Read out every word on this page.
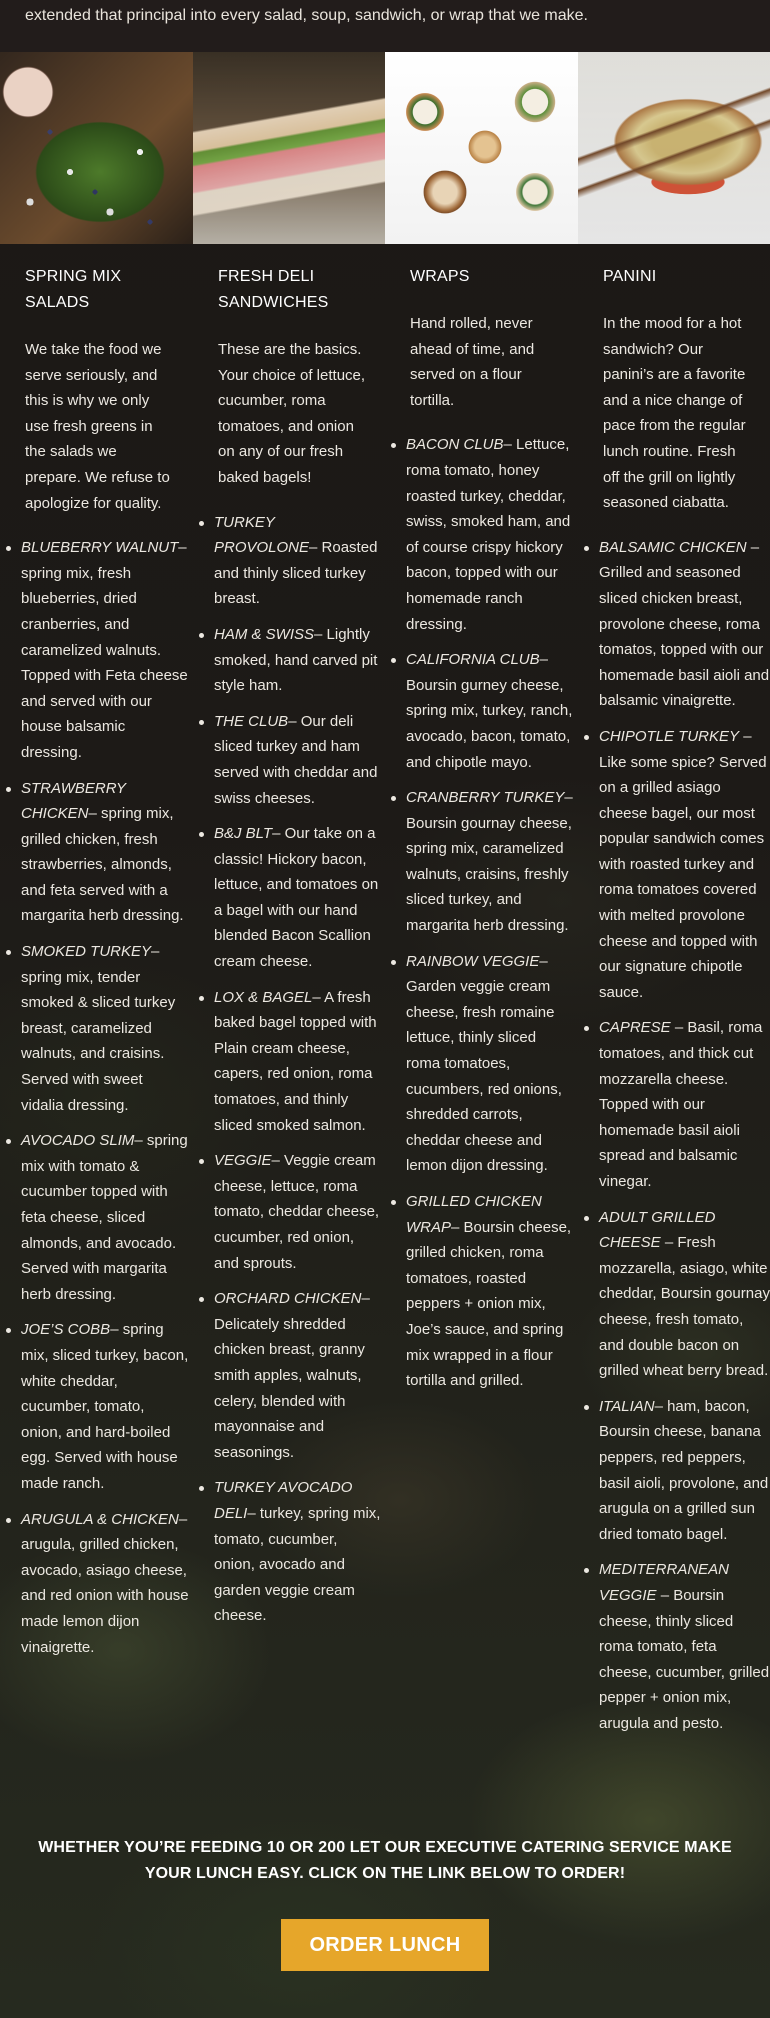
extended that principal into every salad, soup, sandwich, or wrap that we make.
SPRING MIX SALADS

We take the food we serve seriously, and this is why we only use fresh greens in the salads we prepare. We refuse to apologize for quality.

BLUEBERRY WALNUT– spring mix, fresh blueberries, dried cranberries, and caramelized walnuts. Topped with Feta cheese and served with our house balsamic dressing.
STRAWBERRY CHICKEN– spring mix, grilled chicken, fresh strawberries, almonds, and feta served with a margarita herb dressing.
SMOKED TURKEY– spring mix, tender smoked & sliced turkey breast, caramelized walnuts, and craisins. Served with sweet vidalia dressing.
AVOCADO SLIM– spring mix with tomato & cucumber topped with feta cheese, sliced almonds, and avocado. Served with margarita herb dressing.
JOE’S COBB– spring mix, sliced turkey, bacon, white cheddar, cucumber, tomato, onion, and hard-boiled egg. Served with house made ranch.
ARUGULA & CHICKEN– arugula, grilled chicken, avocado, asiago cheese, and red onion with house made lemon dijon vinaigrette.
FRESH DELI SANDWICHES

These are the basics. Your choice of lettuce, cucumber, roma tomatoes, and onion on any of our fresh baked bagels!

TURKEY PROVOLONE– Roasted and thinly sliced turkey breast.
HAM & SWISS– Lightly smoked, hand carved pit style ham.
THE CLUB– Our deli sliced turkey and ham served with cheddar and swiss cheeses.
B&J BLT– Our take on a classic! Hickory bacon, lettuce, and tomatoes on a bagel with our hand blended Bacon Scallion cream cheese.
LOX & BAGEL– A fresh baked bagel topped with Plain cream cheese, capers, red onion, roma tomatoes, and thinly sliced smoked salmon.
VEGGIE– Veggie cream cheese, lettuce, roma tomato, cheddar cheese, cucumber, red onion, and sprouts.
ORCHARD CHICKEN– Delicately shredded chicken breast, granny smith apples, walnuts, celery, blended with mayonnaise and seasonings.
TURKEY AVOCADO DELI– turkey, spring mix, tomato, cucumber, onion, avocado and garden veggie cream cheese.
WRAPS

Hand rolled, never ahead of time, and served on a flour tortilla.

BACON CLUB– Lettuce, roma tomato, honey roasted turkey, cheddar, swiss, smoked ham, and of course crispy hickory bacon, topped with our homemade ranch dressing.
CALIFORNIA CLUB– Boursin gurney cheese, spring mix, turkey, ranch, avocado, bacon, tomato, and chipotle mayo.
CRANBERRY TURKEY– Boursin gournay cheese, spring mix, caramelized walnuts, craisins, freshly sliced turkey, and margarita herb dressing.
RAINBOW VEGGIE– Garden veggie cream cheese, fresh romaine lettuce, thinly sliced roma tomatoes, cucumbers, red onions, shredded carrots, cheddar cheese and lemon dijon dressing.
GRILLED CHICKEN WRAP– Boursin cheese, grilled chicken, roma tomatoes, roasted peppers + onion mix, Joe’s sauce, and spring mix wrapped in a flour tortilla and grilled.
PANINI

In the mood for a hot sandwich? Our panini’s are a favorite and a nice change of pace from the regular lunch routine. Fresh off the grill on lightly seasoned ciabatta.

BALSAMIC CHICKEN – Grilled and seasoned sliced chicken breast, provolone cheese, roma tomatos, topped with our homemade basil aioli and balsamic vinaigrette.
CHIPOTLE TURKEY – Like some spice? Served on a grilled asiago cheese bagel, our most popular sandwich comes with roasted turkey and roma tomatoes covered with melted provolone cheese and topped with our signature chipotle sauce.
CAPRESE – Basil, roma tomatoes, and thick cut mozzarella cheese. Topped with our homemade basil aioli spread and balsamic vinegar.
ADULT GRILLED CHEESE – Fresh mozzarella, asiago, white cheddar, Boursin gournay cheese, fresh tomato, and double bacon on grilled wheat berry bread.
ITALIAN– ham, bacon, Boursin cheese, banana peppers, red peppers, basil aioli, provolone, and arugula on a grilled sun dried tomato bagel.
MEDITERRANEAN VEGGIE – Boursin cheese, thinly sliced roma tomato, feta cheese, cucumber, grilled pepper + onion mix, arugula and pesto.

WHETHER YOU’RE FEEDING 10 OR 200 LET OUR EXECUTIVE CATERING SERVICE MAKE YOUR LUNCH EASY. CLICK ON THE LINK BELOW TO ORDER!

ORDER LUNCH
